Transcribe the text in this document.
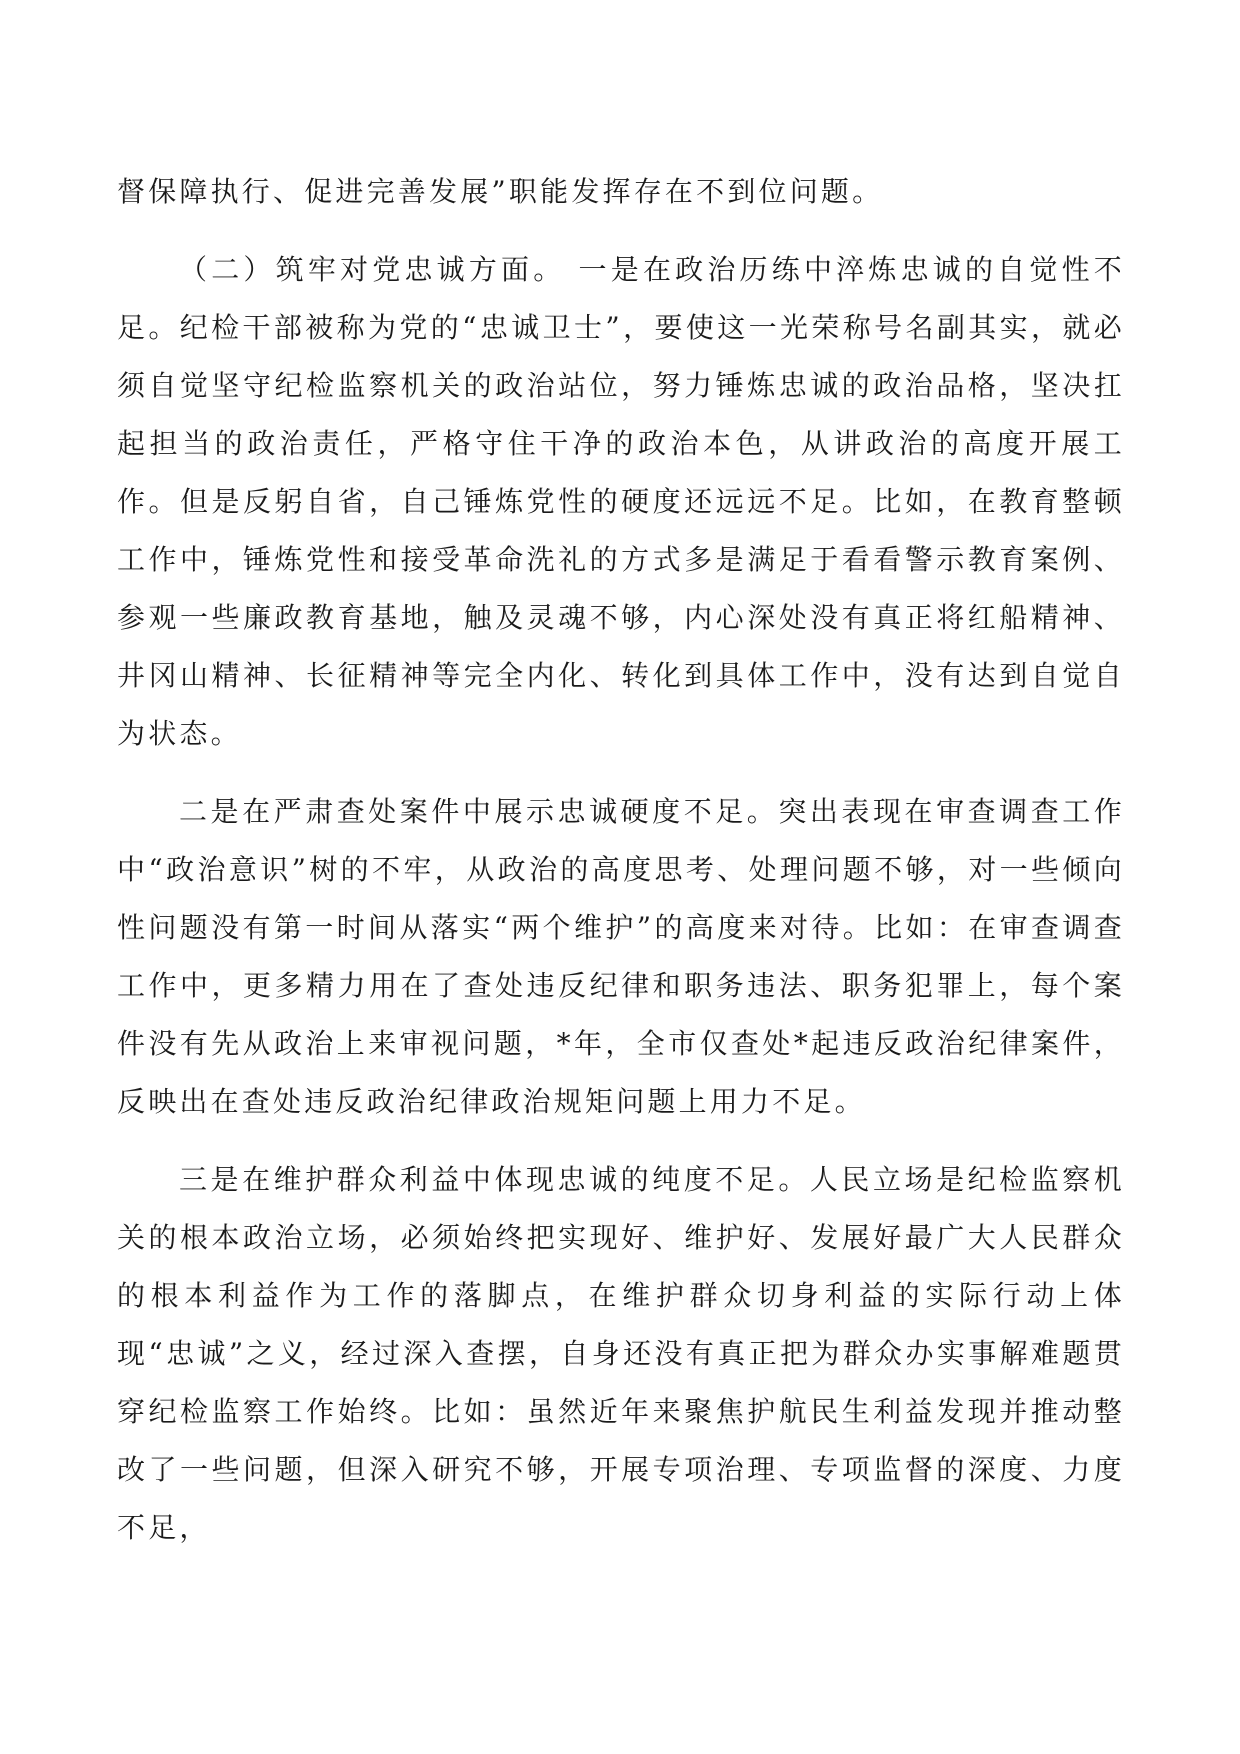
督保障执行、促进完善发展”职能发挥存在不到位问题。

（二）筑牢对党忠诚方面。 一是在政治历练中淬炼忠诚的自觉性不足。纪检干部被称为党的“忠诚卫士”，要使这一光荣称号名副其实，就必须自觉坚守纪检监察机关的政治站位，努力锤炼忠诚的政治品格，坚决扛起担当的政治责任，严格守住干净的政治本色，从讲政治的高度开展工作。但是反躬自省，自己锤炼党性的硬度还远远不足。比如，在教育整顿工作中，锤炼党性和接受革命洗礼的方式多是满足于看看警示教育案例、参观一些廉政教育基地，触及灵魂不够，内心深处没有真正将红船精神、井冈山精神、长征精神等完全内化、转化到具体工作中，没有达到自觉自为状态。

二是在严肃查处案件中展示忠诚硬度不足。突出表现在审查调查工作中“政治意识”树的不牢，从政治的高度思考、处理问题不够，对一些倾向性问题没有第一时间从落实“两个维护”的高度来对待。比如：在审查调查工作中，更多精力用在了查处违反纪律和职务违法、职务犯罪上，每个案件没有先从政治上来审视问题，*年，全市仅查处*起违反政治纪律案件，反映出在查处违反政治纪律政治规矩问题上用力不足。

三是在维护群众利益中体现忠诚的纯度不足。人民立场是纪检监察机关的根本政治立场，必须始终把实现好、维护好、发展好最广大人民群众的根本利益作为工作的落脚点，在维护群众切身利益的实际行动上体现“忠诚”之义，经过深入查摆，自身还没有真正把为群众办实事解难题贯穿纪检监察工作始终。比如：虽然近年来聚焦护航民生利益发现并推动整改了一些问题，但深入研究不够，开展专项治理、专项监督的深度、力度不足，
